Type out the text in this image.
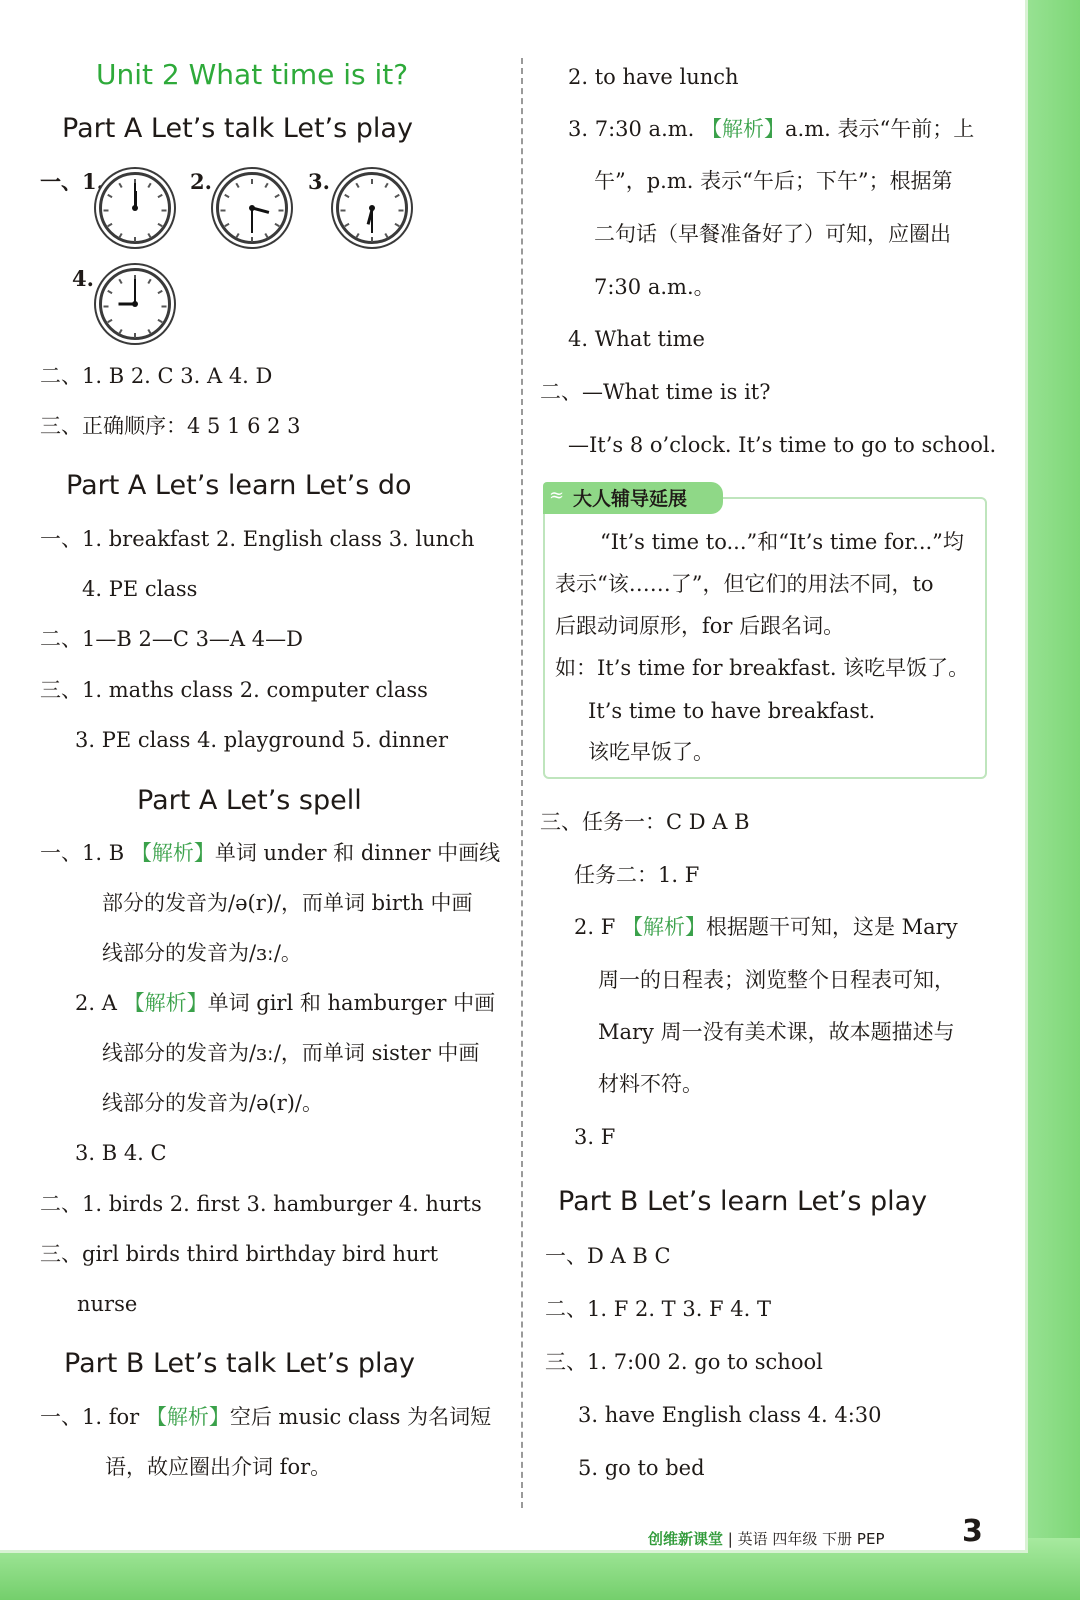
Unit 2 What time is it?
Part A Let’s talk Let’s play
一、1.	2.	3.
4.
二、1. B 2. C 3. A 4. D
三、正确顺序：4 5 1 6 2 3
Part A Let’s learn Let’s do
一、1. breakfast 2. English class 3. lunch
4. PE class
二、1—B 2—C 3—A 4—D
三、1. maths class 2. computer class
3. PE class 4. playground 5. dinner
Part A Let’s spell
一、1. B 【解析】单词 under 和 dinner 中画线
部分的发音为/ə(r)/，而单词 birth 中画
线部分的发音为/ɜː/。
2. A 【解析】单词 girl 和 hamburger 中画
线部分的发音为/ɜː/，而单词 sister 中画
线部分的发音为/ə(r)/。
3. B 4. C
二、1. birds 2. first 3. hamburger 4. hurts
三、girl birds third birthday bird hurt
nurse
Part B Let’s talk Let’s play
一、1. for 【解析】空后 music class 为名词短
语，故应圈出介词 for。
2. to have lunch
3. 7:30 a.m. 【解析】a.m. 表示“午前；上
午”，p.m. 表示“午后；下午”；根据第
二句话（早餐准备好了）可知，应圈出
7:30 a.m.。
4. What time
二、—What time is it?
—It’s 8 o’clock. It’s time to go to school.
≈ 大人辅导延展
“It’s time to...”和“It’s time for...”均
表示“该……了”，但它们的用法不同，to
后跟动词原形，for 后跟名词。
如：It’s time for breakfast. 该吃早饭了。
It’s time to have breakfast.
该吃早饭了。
三、任务一：C D A B
任务二：1. F
2. F 【解析】根据题干可知，这是 Mary
周一的日程表；浏览整个日程表可知，
Mary 周一没有美术课，故本题描述与
材料不符。
3. F
Part B Let’s learn Let’s play
一、D A B C
二、1. F 2. T 3. F 4. T
三、1. 7:00 2. go to school
3. have English class 4. 4:30
5. go to bed
创维新课堂 | 英语 四年级 下册 PEP	3
